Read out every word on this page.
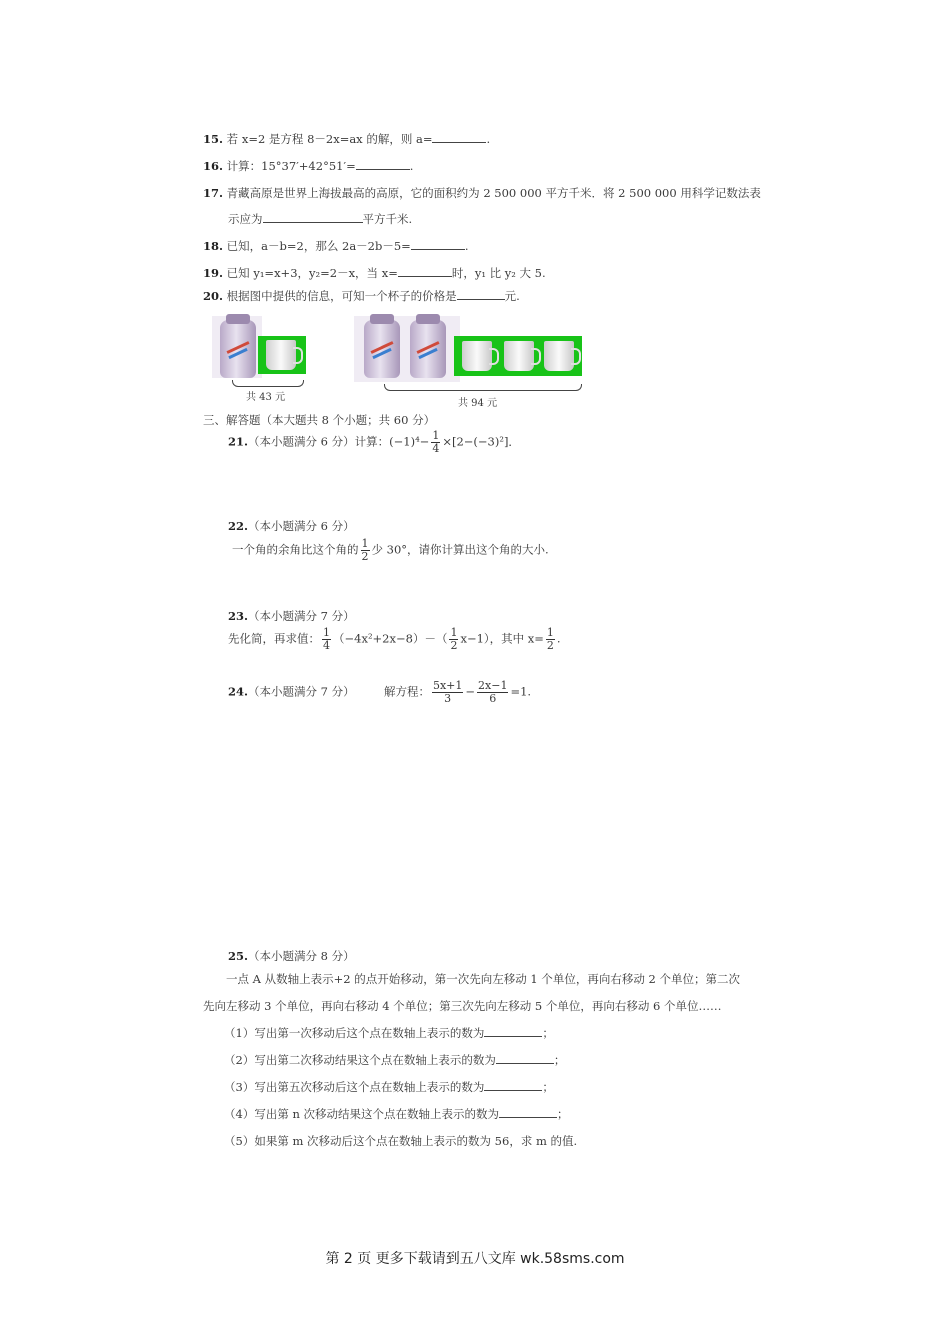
15. 若 x=2 是方程 8－2x=ax 的解，则 a=	.
16. 计算：15°37′+42°51′=	.
17. 青藏高原是世界上海拔最高的高原，它的面积约为 2 500 000 平方千米．将 2 500 000 用科学记数法表
示应为	平方千米.
18. 已知，a－b=2，那么 2a－2b－5=	.
19. 已知 y₁=x+3，y₂=2－x，当 x=	时，y₁ 比 y₂ 大 5.
20. 根据图中提供的信息，可知一个杯子的价格是	元.
共 43 元
共 94 元
三、解答题（本大题共 8 个小题；共 60 分）
21.（本小题满分 6 分）计算：$(-1)^4- \frac{1}{4} \times[2-(-3)^2]$．
22.（本小题满分 6 分）
一个角的余角比这个角的 $\frac{1}{2}$ 少 30°，请你计算出这个角的大小.
23.（本小题满分 7 分）
先化简，再求值： $\frac{1}{4} (-4x^2+2x-8)-( \frac{1}{2} x-1)$，其中 $x= \frac{1}{2}$ .
24.（本小题满分 7 分）	解方程： $\frac{5x+1}{3} - \frac{2x-1}{6} =1$.
25.（本小题满分 8 分）
一点 A 从数轴上表示+2 的点开始移动，第一次先向左移动 1 个单位，再向右移动 2 个单位；第二次
先向左移动 3 个单位，再向右移动 4 个单位；第三次先向左移动 5 个单位，再向右移动 6 个单位……
（1）写出第一次移动后这个点在数轴上表示的数为	；
（2）写出第二次移动结果这个点在数轴上表示的数为	；
（3）写出第五次移动后这个点在数轴上表示的数为	；
（4）写出第 n 次移动结果这个点在数轴上表示的数为	；
（5）如果第 m 次移动后这个点在数轴上表示的数为 56，求 m 的值.
第 2 页 更多下载请到五八文库 wk.58sms.com
